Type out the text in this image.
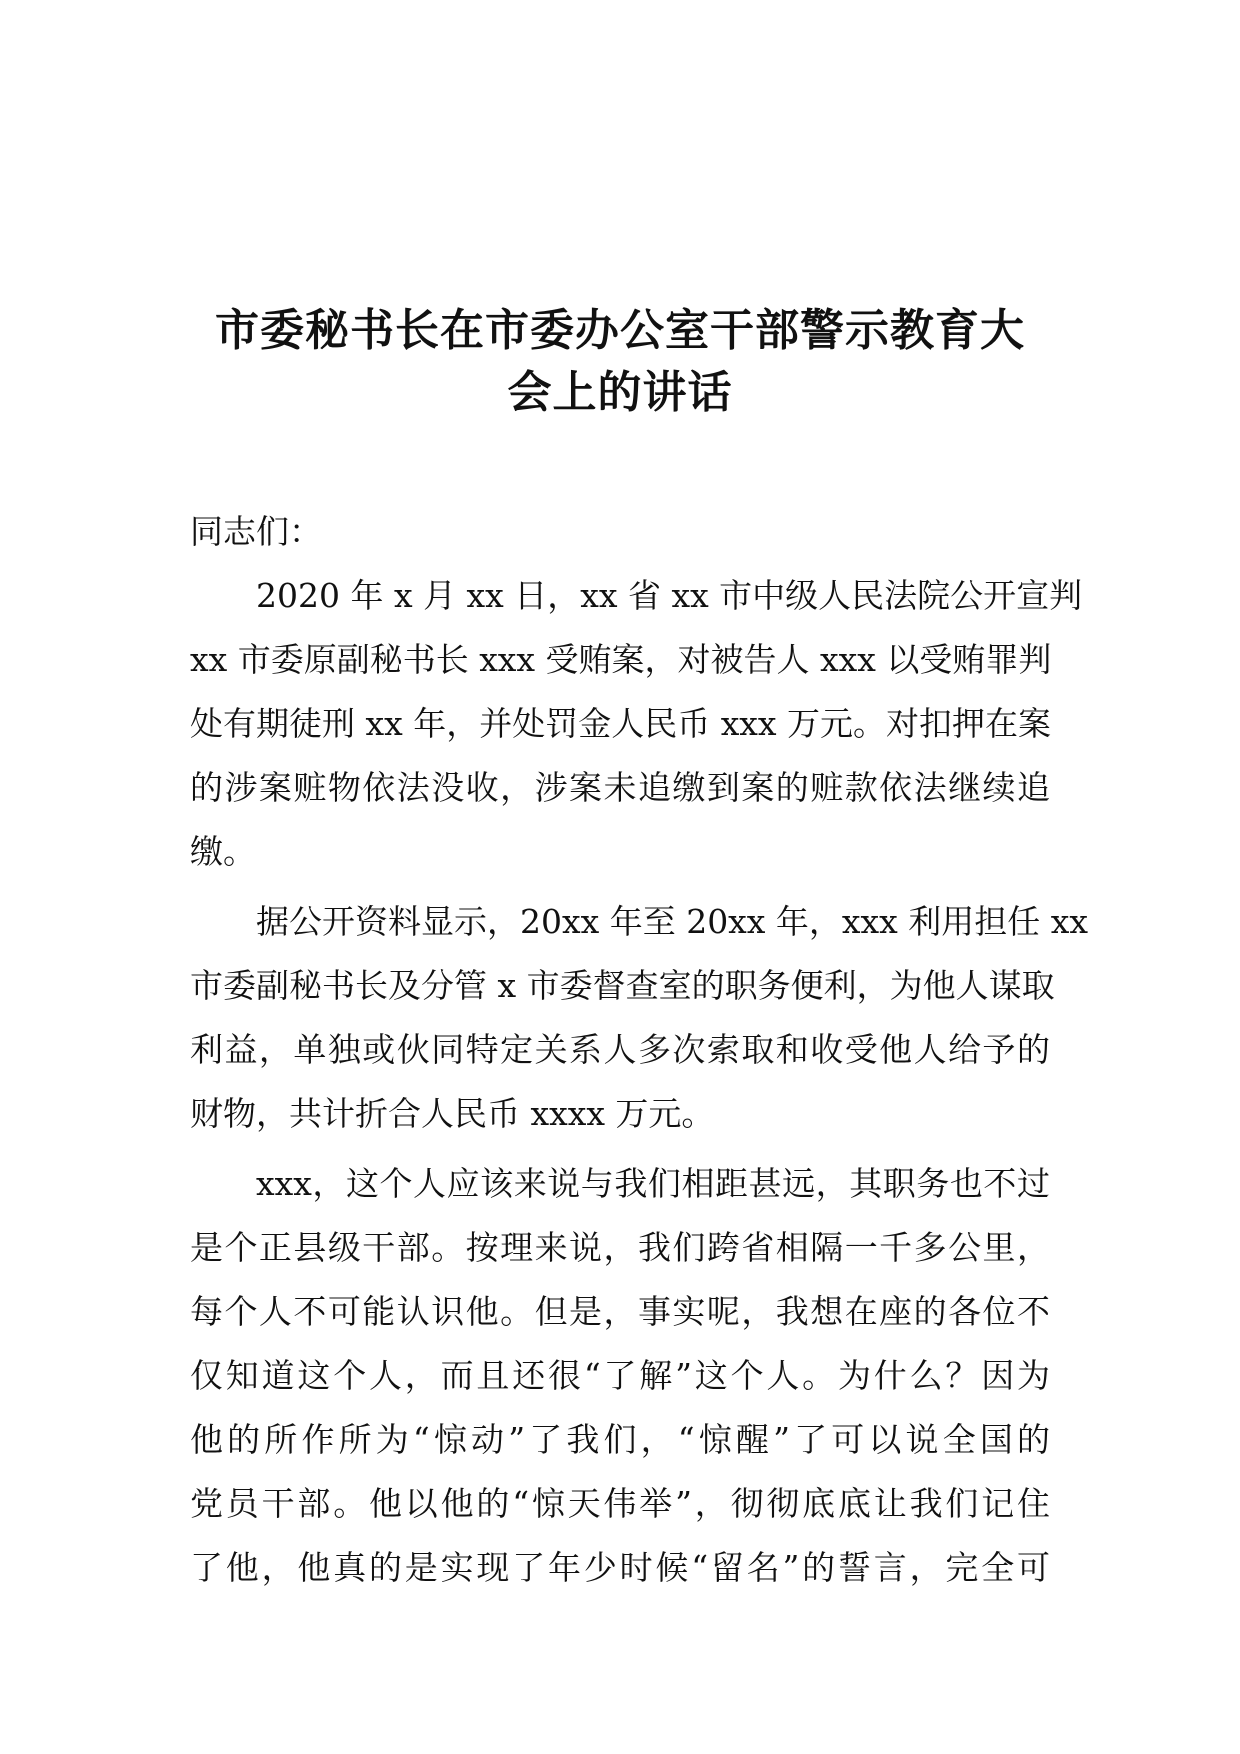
市委秘书长在市委办公室干部警示教育大
会上的讲话

同志们：

2020 年 x 月 xx 日，xx 省 xx 市中级人民法院公开宣判
xx 市委原副秘书长 xxx 受贿案，对被告人 xxx 以受贿罪判
处有期徒刑 xx 年，并处罚金人民币 xxx 万元。对扣押在案
的涉案赃物依法没收，涉案未追缴到案的赃款依法继续追
缴。

据公开资料显示，20xx 年至 20xx 年，xxx 利用担任 xx
市委副秘书长及分管 x 市委督查室的职务便利，为他人谋取
利益，单独或伙同特定关系人多次索取和收受他人给予的
财物，共计折合人民币 xxxx 万元。

xxx，这个人应该来说与我们相距甚远，其职务也不过
是个正县级干部。按理来说，我们跨省相隔一千多公里，
每个人不可能认识他。但是，事实呢，我想在座的各位不
仅知道这个人，而且还很“了解”这个人。为什么？因为
他的所作所为“惊动”了我们，“惊醒”了可以说全国的
党员干部。他以他的“惊天伟举”，彻彻底底让我们记住
了他，他真的是实现了年少时候“留名”的誓言，完全可
